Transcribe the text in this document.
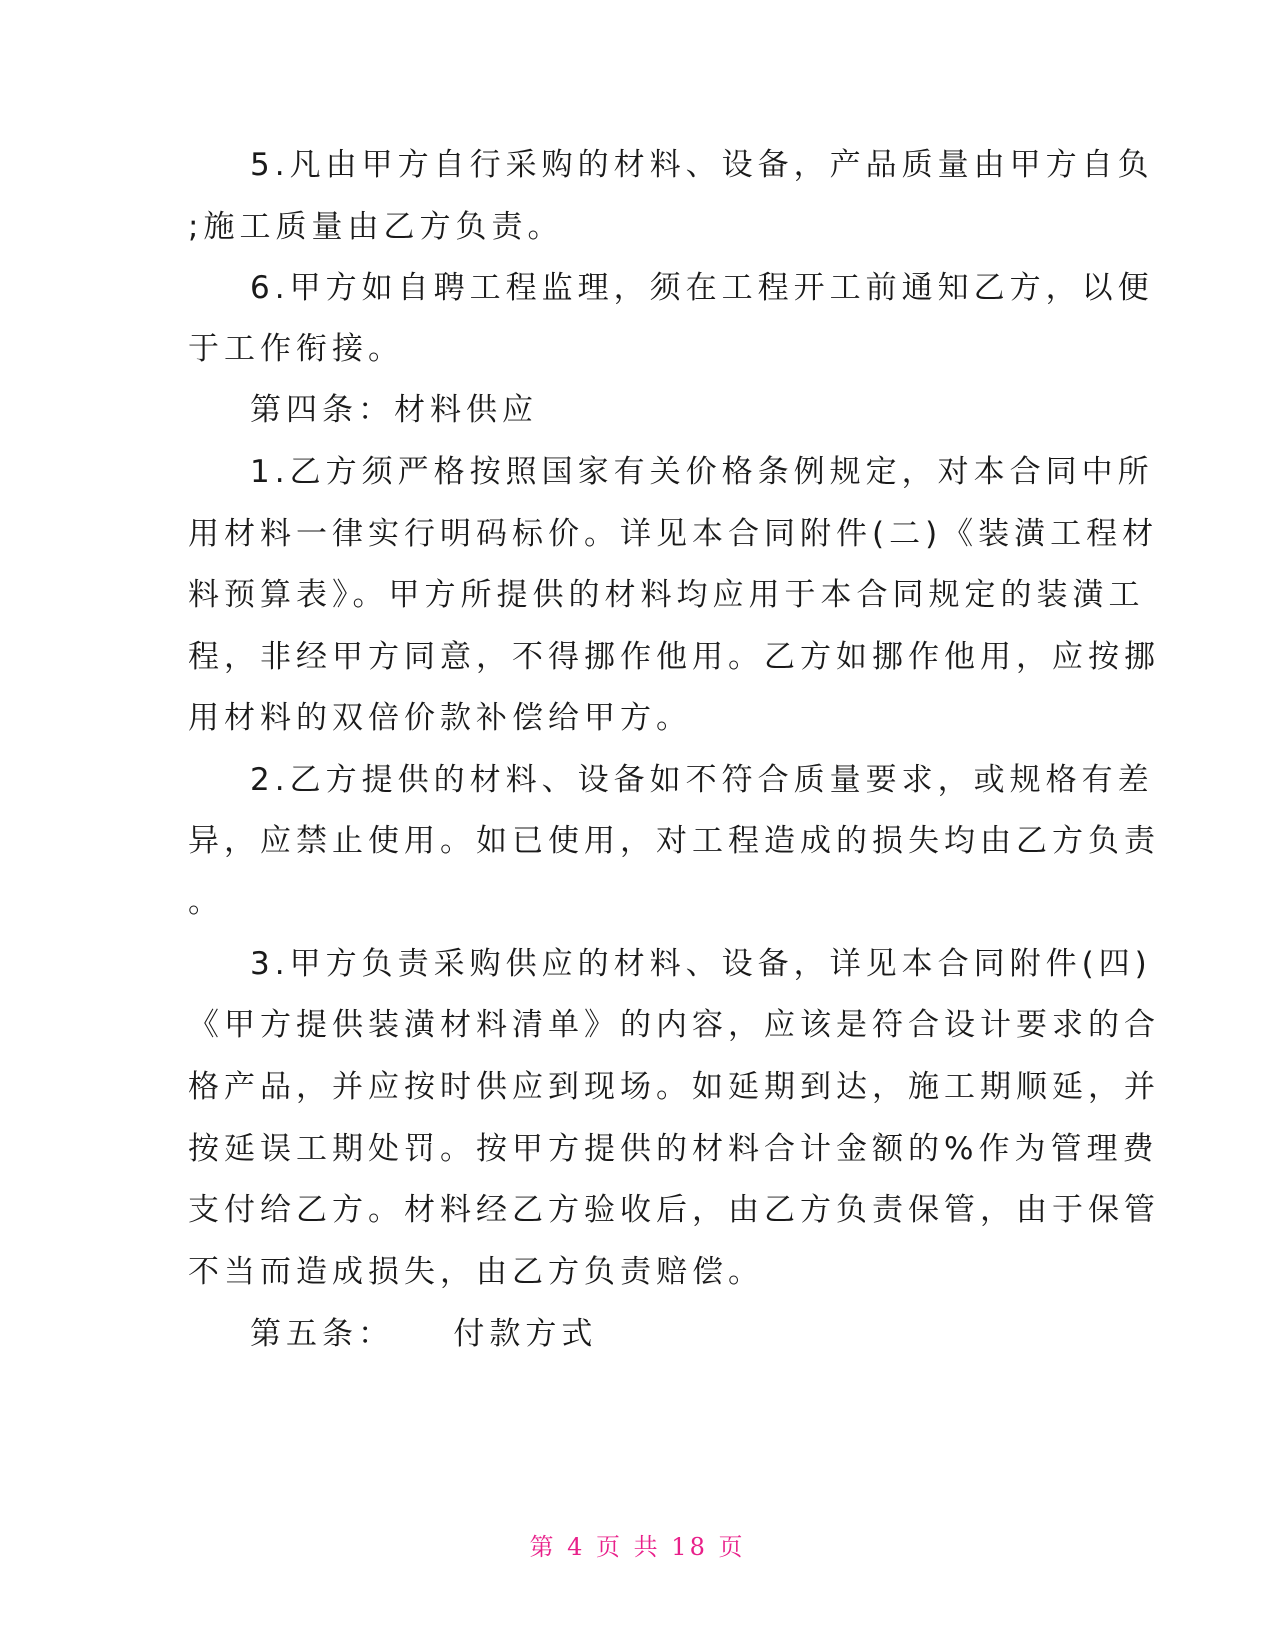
5.凡由甲方自行采购的材料、设备，产品质量由甲方自负
;施工质量由乙方负责。
6.甲方如自聘工程监理，须在工程开工前通知乙方，以便
于工作衔接。
第四条：材料供应
1.乙方须严格按照国家有关价格条例规定，对本合同中所
用材料一律实行明码标价。详见本合同附件(二)《装潢工程材
料预算表》。甲方所提供的材料均应用于本合同规定的装潢工
程，非经甲方同意，不得挪作他用。乙方如挪作他用，应按挪
用材料的双倍价款补偿给甲方。
2.乙方提供的材料、设备如不符合质量要求，或规格有差
异，应禁止使用。如已使用，对工程造成的损失均由乙方负责
。
3.甲方负责采购供应的材料、设备，详见本合同附件(四)
《甲方提供装潢材料清单》的内容，应该是符合设计要求的合
格产品，并应按时供应到现场。如延期到达，施工期顺延，并
按延误工期处罚。按甲方提供的材料合计金额的%作为管理费
支付给乙方。材料经乙方验收后，由乙方负责保管，由于保管
不当而造成损失，由乙方负责赔偿。
第五条：    付款方式
第 4 页 共 18 页
